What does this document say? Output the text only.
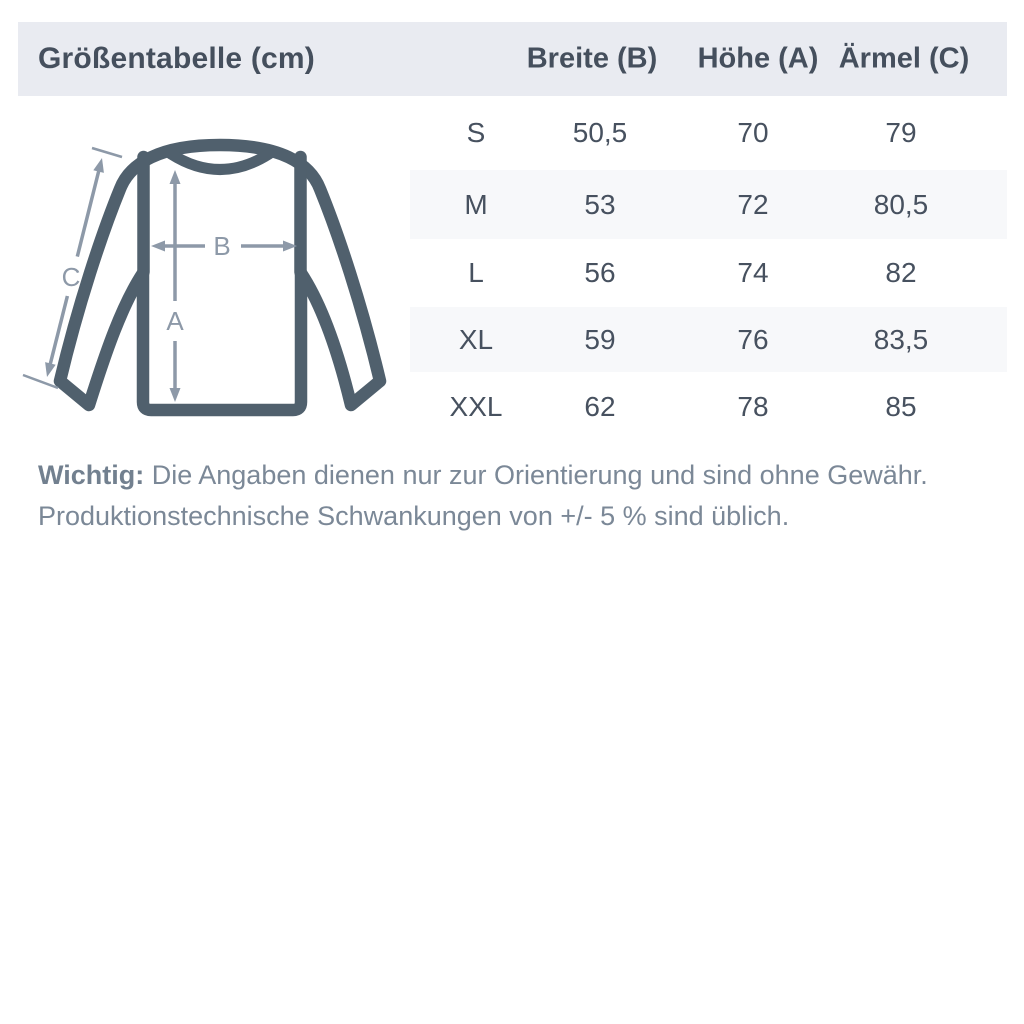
Größentabelle (cm)	Breite (B) Höhe (A) Ärmel (C)
S	50,5	70	79
M	53	72	80,5
L	56	74	82
XL	59	76	83,5
XXL	62	78	85
A
B
C
Wichtig: Die Angaben dienen nur zur Orientierung und sind ohne Gewähr.
Produktionstechnische Schwankungen von +/- 5 % sind üblich.
